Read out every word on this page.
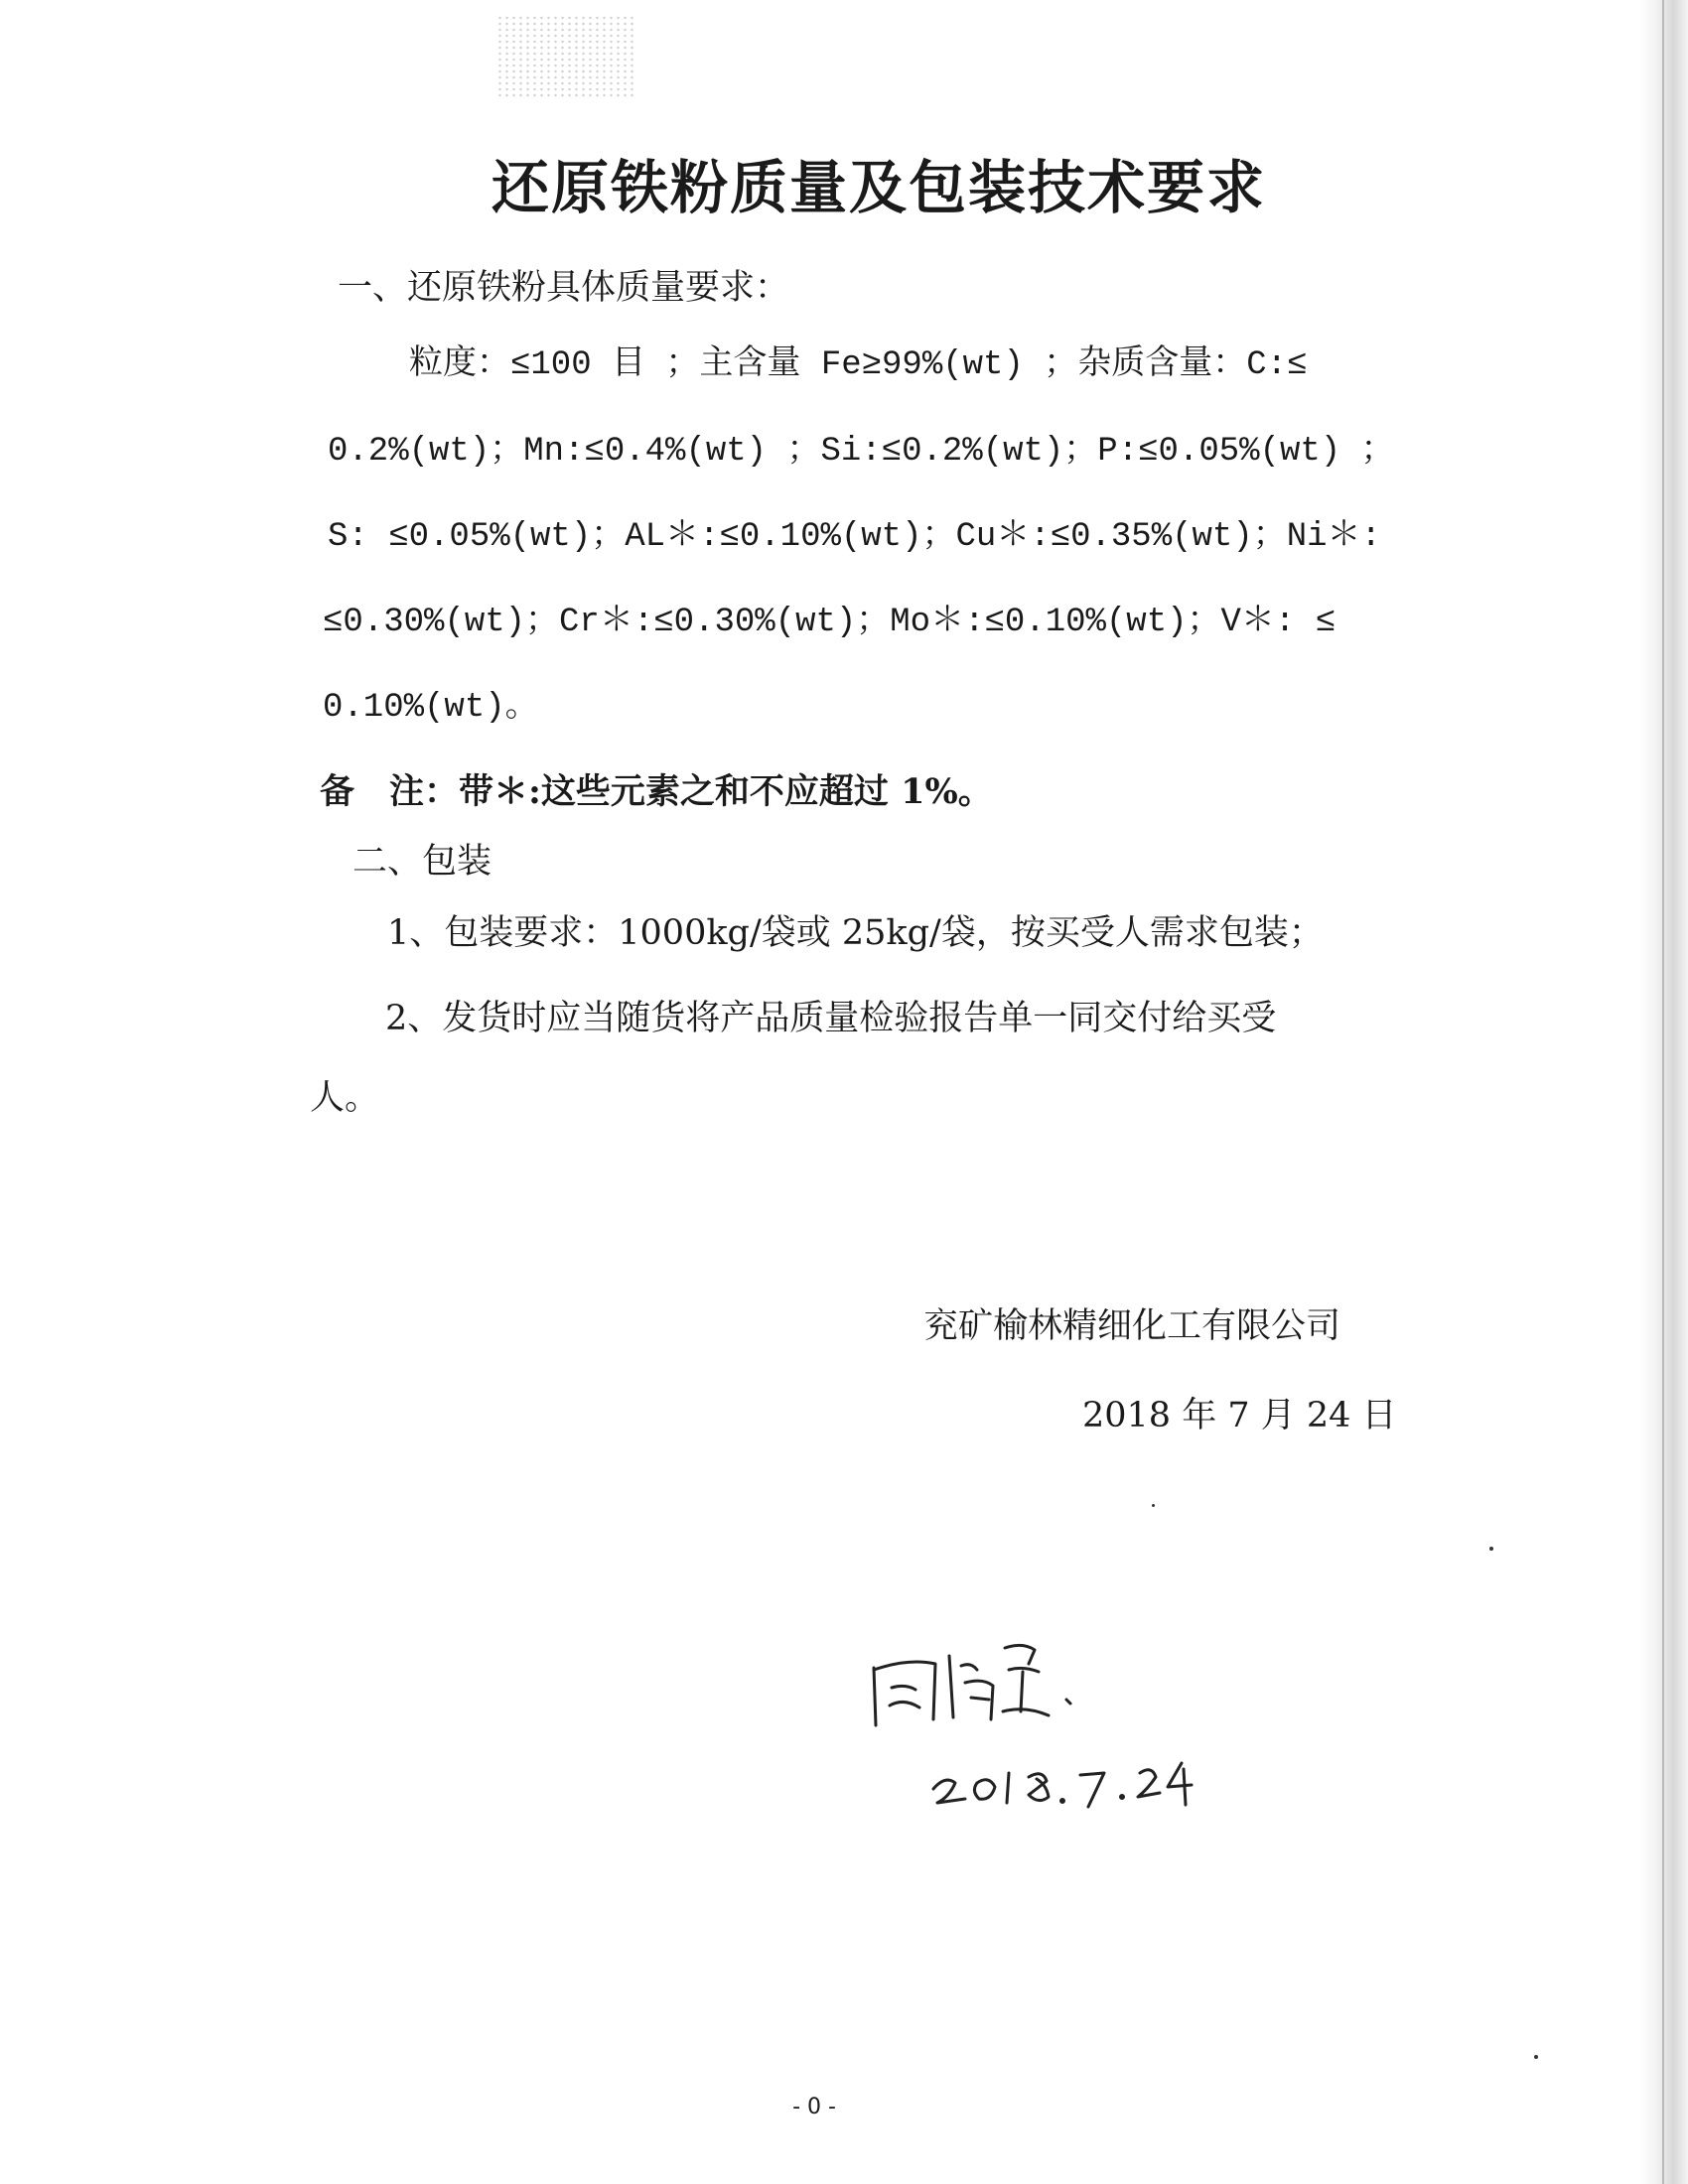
还原铁粉质量及包装技术要求

一、还原铁粉具体质量要求：

粒度：≤100 目 ；主含量 Fe≥99%(wt) ；杂质含量：C:≤

0.2%(wt)；Mn:≤0.4%(wt) ；Si:≤0.2%(wt)；P:≤0.05%(wt) ；

S: ≤0.05%(wt)；AL＊:≤0.10%(wt)；Cu＊:≤0.35%(wt)；Ni＊:

≤0.30%(wt)；Cr＊:≤0.30%(wt)；Mo＊:≤0.10%(wt)；V＊: ≤

0.10%(wt)。

备　注：带＊:这些元素之和不应超过 1%。

二、包装

1、包装要求：1000kg/袋或 25kg/袋，按买受人需求包装；

2、发货时应当随货将产品质量检验报告单一同交付给买受

人。

兖矿榆林精细化工有限公司

2018 年 7 月 24 日

- 0 -
